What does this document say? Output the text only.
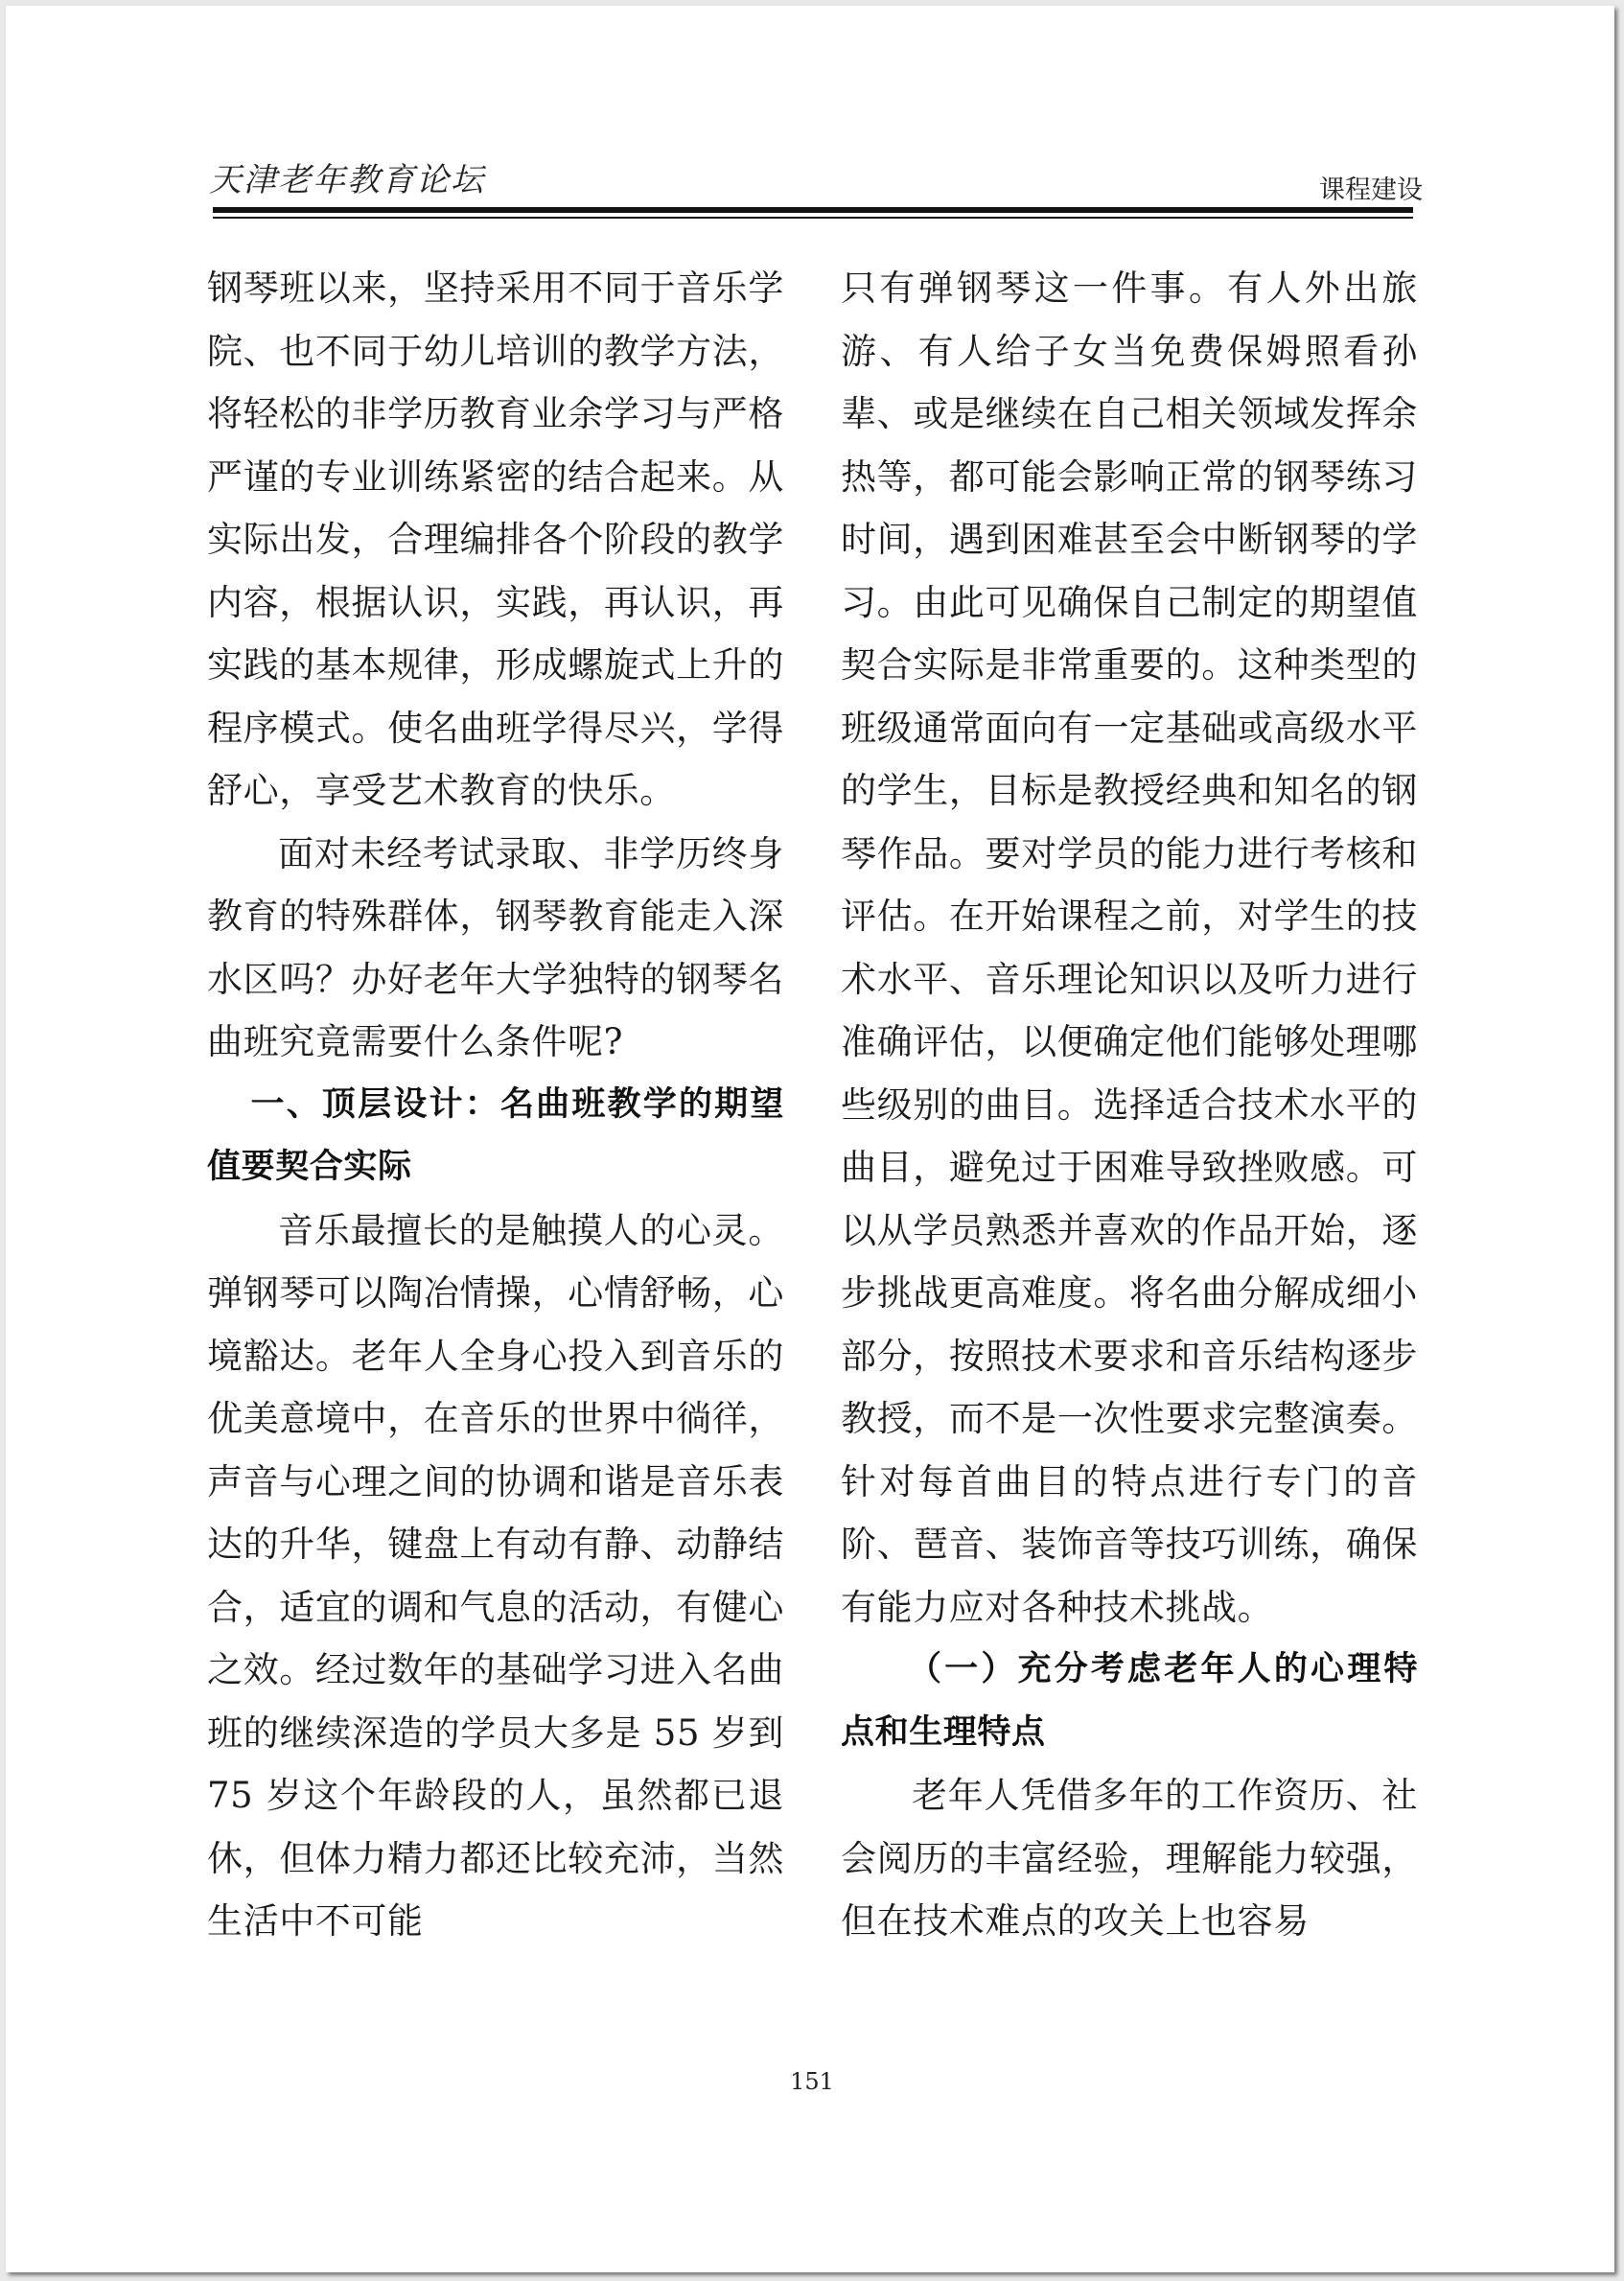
天津老年教育论坛	课程建设

钢琴班以来，坚持采用不同于音乐学院、也不同于幼儿培训的教学方法，将轻松的非学历教育业余学习与严格严谨的专业训练紧密的结合起来。从实际出发，合理编排各个阶段的教学内容，根据认识，实践，再认识，再实践的基本规律，形成螺旋式上升的程序模式。使名曲班学得尽兴，学得舒心，享受艺术教育的快乐。

面对未经考试录取、非学历终身教育的特殊群体，钢琴教育能走入深水区吗？办好老年大学独特的钢琴名曲班究竟需要什么条件呢?

一、顶层设计：名曲班教学的期望值要契合实际

音乐最擅长的是触摸人的心灵。弹钢琴可以陶冶情操，心情舒畅，心境豁达。老年人全身心投入到音乐的优美意境中，在音乐的世界中徜徉，声音与心理之间的协调和谐是音乐表达的升华，键盘上有动有静、动静结合，适宜的调和气息的活动，有健心之效。经过数年的基础学习进入名曲班的继续深造的学员大多是 55 岁到 75 岁这个年龄段的人，虽然都已退休，但体力精力都还比较充沛，当然生活中不可能

只有弹钢琴这一件事。有人外出旅游、有人给子女当免费保姆照看孙辈、或是继续在自己相关领域发挥余热等，都可能会影响正常的钢琴练习时间，遇到困难甚至会中断钢琴的学习。由此可见确保自己制定的期望值契合实际是非常重要的。这种类型的班级通常面向有一定基础或高级水平的学生，目标是教授经典和知名的钢琴作品。要对学员的能力进行考核和评估。在开始课程之前，对学生的技术水平、音乐理论知识以及听力进行准确评估，以便确定他们能够处理哪些级别的曲目。选择适合技术水平的曲目，避免过于困难导致挫败感。可以从学员熟悉并喜欢的作品开始，逐步挑战更高难度。将名曲分解成细小部分，按照技术要求和音乐结构逐步教授，而不是一次性要求完整演奏。针对每首曲目的特点进行专门的音阶、琶音、装饰音等技巧训练，确保有能力应对各种技术挑战。

（一）充分考虑老年人的心理特点和生理特点

老年人凭借多年的工作资历、社会阅历的丰富经验，理解能力较强，但在技术难点的攻关上也容易

151
